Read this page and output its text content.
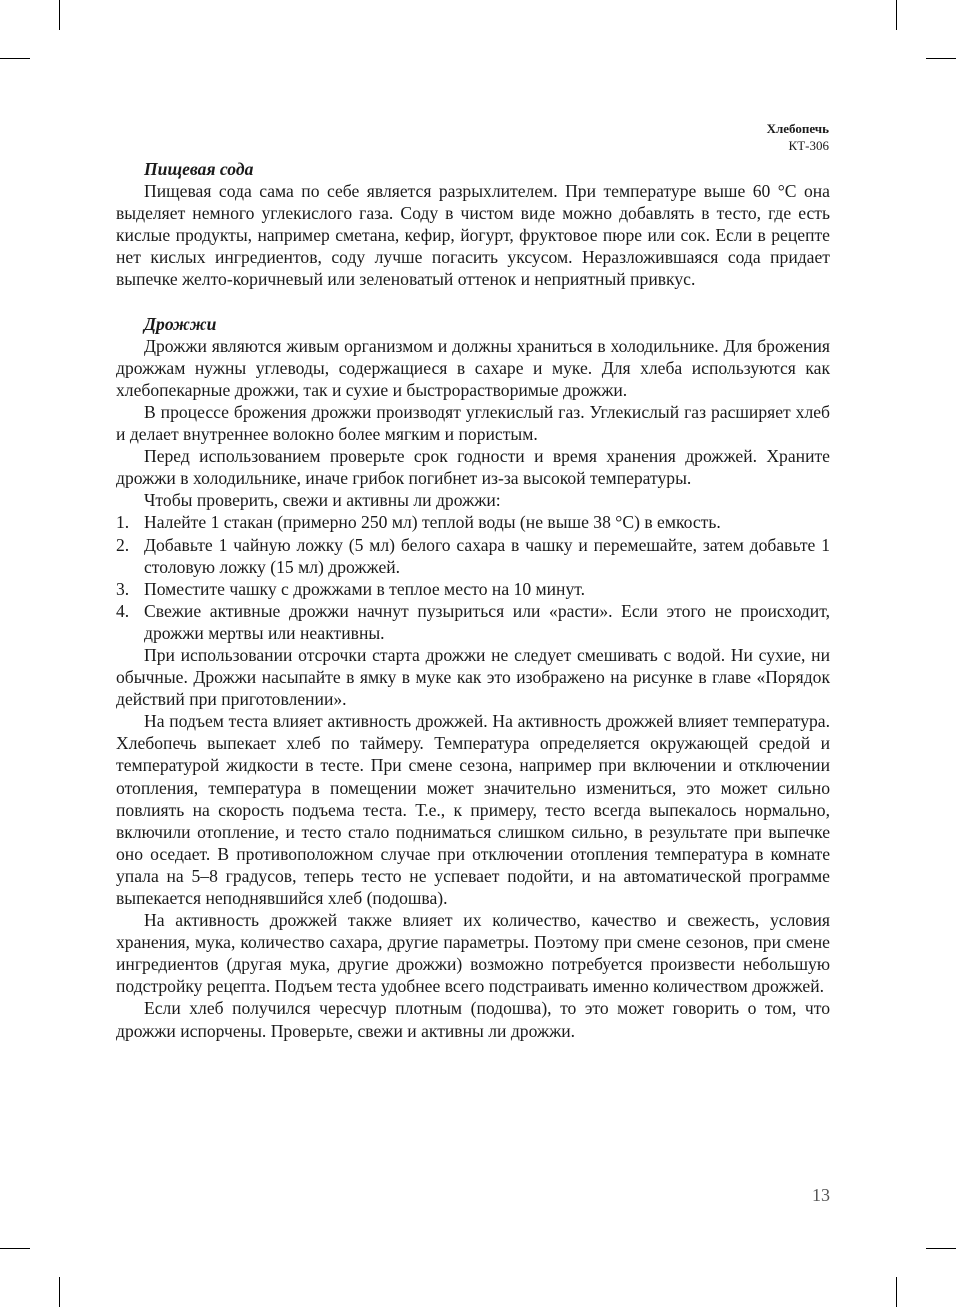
Хлебопечь
КТ-306
Пищевая сода

Пищевая сода сама по себе является разрыхлителем. При температуре выше 60 °С она выделяет немного углекислого газа. Соду в чистом виде можно добавлять в тесто, где есть кислые продукты, например сметана, кефир, йогурт, фруктовое пюре или сок. Если в рецепте нет кислых ингредиентов, соду лучше погасить уксусом. Неразложившаяся сода придает выпечке желто-коричневый или зеленоватый оттенок и неприятный привкус.

Дрожжи

Дрожжи являются живым организмом и должны храниться в холодильнике. Для брожения дрожжам нужны углеводы, содержащиеся в сахаре и муке. Для хлеба используются как хлебопекарные дрожжи, так и сухие и быстрорастворимые дрожжи.

В процессе брожения дрожжи производят углекислый газ. Углекислый газ расширяет хлеб и делает внутреннее волокно более мягким и пористым.

Перед использованием проверьте срок годности и время хранения дрожжей. Храните дрожжи в холодильнике, иначе грибок погибнет из-за высокой температуры.

Чтобы проверить, свежи и активны ли дрожжи:

1. Налейте 1 стакан (примерно 250 мл) теплой воды (не выше 38 °С) в емкость.
2. Добавьте 1 чайную ложку (5 мл) белого сахара в чашку и перемешайте, затем добавьте 1 столовую ложку (15 мл) дрожжей.
3. Поместите чашку с дрожжами в теплое место на 10 минут.
4. Свежие активные дрожжи начнут пузыриться или «расти». Если этого не происходит, дрожжи мертвы или неактивны.

При использовании отсрочки старта дрожжи не следует смешивать с водой. Ни сухие, ни обычные. Дрожжи насыпайте в ямку в муке как это изображено на рисунке в главе «Порядок действий при приготовлении».

На подъем теста влияет активность дрожжей. На активность дрожжей влияет температура. Хлебопечь выпекает хлеб по таймеру. Температура определяется окружающей средой и температурой жидкости в тесте. При смене сезона, например при включении и отключении отопления, температура в помещении может значительно измениться, это может сильно повлиять на скорость подъема теста. Т.е., к примеру, тесто всегда выпекалось нормально, включили отопление, и тесто стало подниматься слишком сильно, в результате при выпечке оно оседает. В противоположном случае при отключении отопления температура в комнате упала на 5–8 градусов, теперь тесто не успевает подойти, и на автоматической программе выпекается неподнявшийся хлеб (подошва).

На активность дрожжей также влияет их количество, качество и свежесть, условия хранения, мука, количество сахара, другие параметры. Поэтому при смене сезонов, при смене ингредиентов (другая мука, другие дрожжи) возможно потребуется произвести небольшую подстройку рецепта. Подъем теста удобнее всего подстраивать именно количеством дрожжей.

Если хлеб получился чересчур плотным (подошва), то это может говорить о том, что дрожжи испорчены. Проверьте, свежи и активны ли дрожжи.

13
